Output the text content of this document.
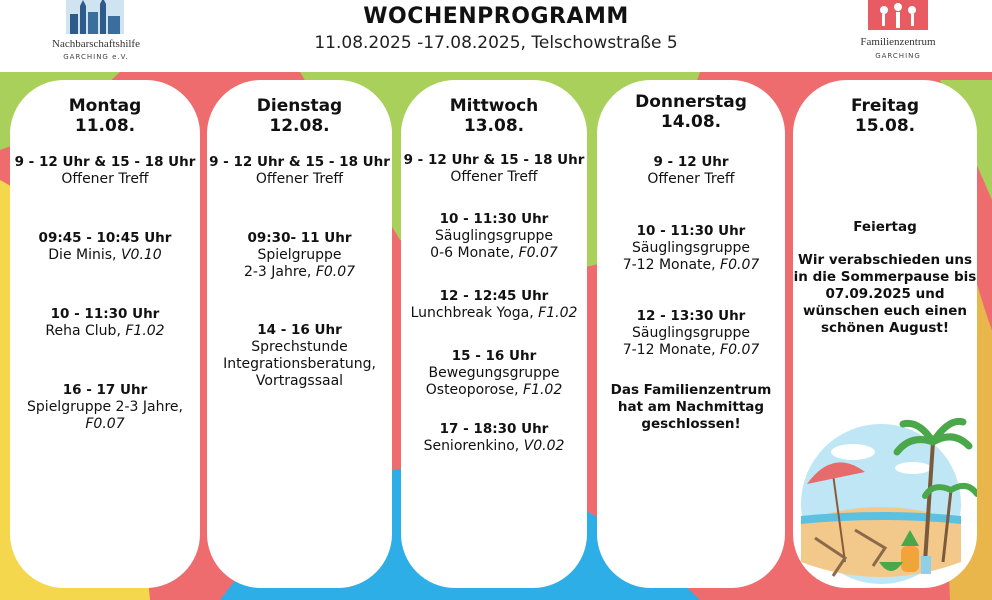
Nachbarschaftshilfe
GARCHING e.V.
WOCHENPROGRAMM
11.08.2025 -17.08.2025, Telschowstraße 5	Familienzentrum
GARCHING
Montag
11.08.
9 - 12 Uhr & 15 - 18 Uhr
Offener Treff
09:45 - 10:45 Uhr
Die Minis, V0.10
10 - 11:30 Uhr
Reha Club, F1.02
16 - 17 Uhr
Spielgruppe 2-3 Jahre,
F0.07
Dienstag
12.08.
9 - 12 Uhr & 15 - 18 Uhr
Offener Treff
09:30- 11 Uhr
Spielgruppe
2-3 Jahre, F0.07
14 - 16 Uhr
Sprechstunde
Integrationsberatung,
Vortragssaal
Mittwoch
13.08.
9 - 12 Uhr & 15 - 18 Uhr
Offener Treff
10 - 11:30 Uhr
Säuglingsgruppe
0-6 Monate, F0.07
12 - 12:45 Uhr
Lunchbreak Yoga, F1.02
15 - 16 Uhr
Bewegungsgruppe
Osteoporose, F1.02
17 - 18:30 Uhr
Seniorenkino, V0.02
Donnerstag
14.08.
9 - 12 Uhr
Offener Treff
10 - 11:30 Uhr
Säuglingsgruppe
7-12 Monate, F0.07
12 - 13:30 Uhr
Säuglingsgruppe
7-12 Monate, F0.07
Das Familienzentrum
hat am Nachmittag
geschlossen!
Freitag
15.08.
Feiertag
Wir verabschieden uns
in die Sommerpause bis
07.09.2025 und
wünschen euch einen
schönen August!
